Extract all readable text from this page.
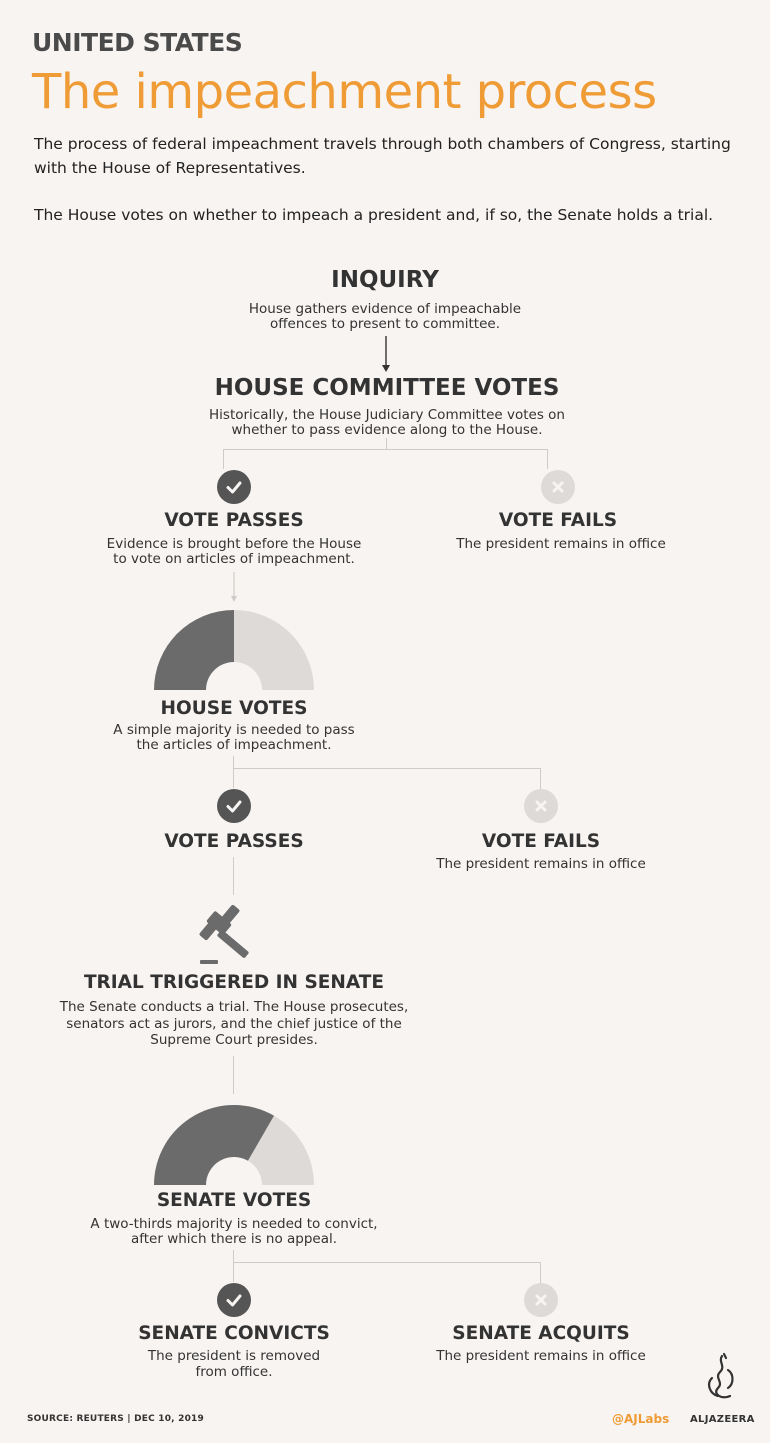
UNITED STATES
The impeachment process
The process of federal impeachment travels through both chambers of Congress, starting with the House of Representatives.
The House votes on whether to impeach a president and, if so, the Senate holds a trial.
INQUIRY
House gathers evidence of impeachable
offences to present to committee.
HOUSE COMMITTEE VOTES
Historically, the House Judiciary Committee votes on
whether to pass evidence along to the House.
VOTE PASSES
Evidence is brought before the House
to vote on articles of impeachment.
VOTE FAILS
The president remains in office
HOUSE VOTES
A simple majority is needed to pass
the articles of impeachment.
VOTE PASSES	VOTE FAILS
The president remains in office
TRIAL TRIGGERED IN SENATE
The Senate conducts a trial. The House prosecutes,
senators act as jurors, and the chief justice of the
Supreme Court presides.
SENATE VOTES
A two-thirds majority is needed to convict,
after which there is no appeal.
SENATE CONVICTS
The president is removed
from office.
SENATE ACQUITS
The president remains in office
SOURCE: REUTERS | DEC 10, 2019	@AJLabs ALJAZEERA
